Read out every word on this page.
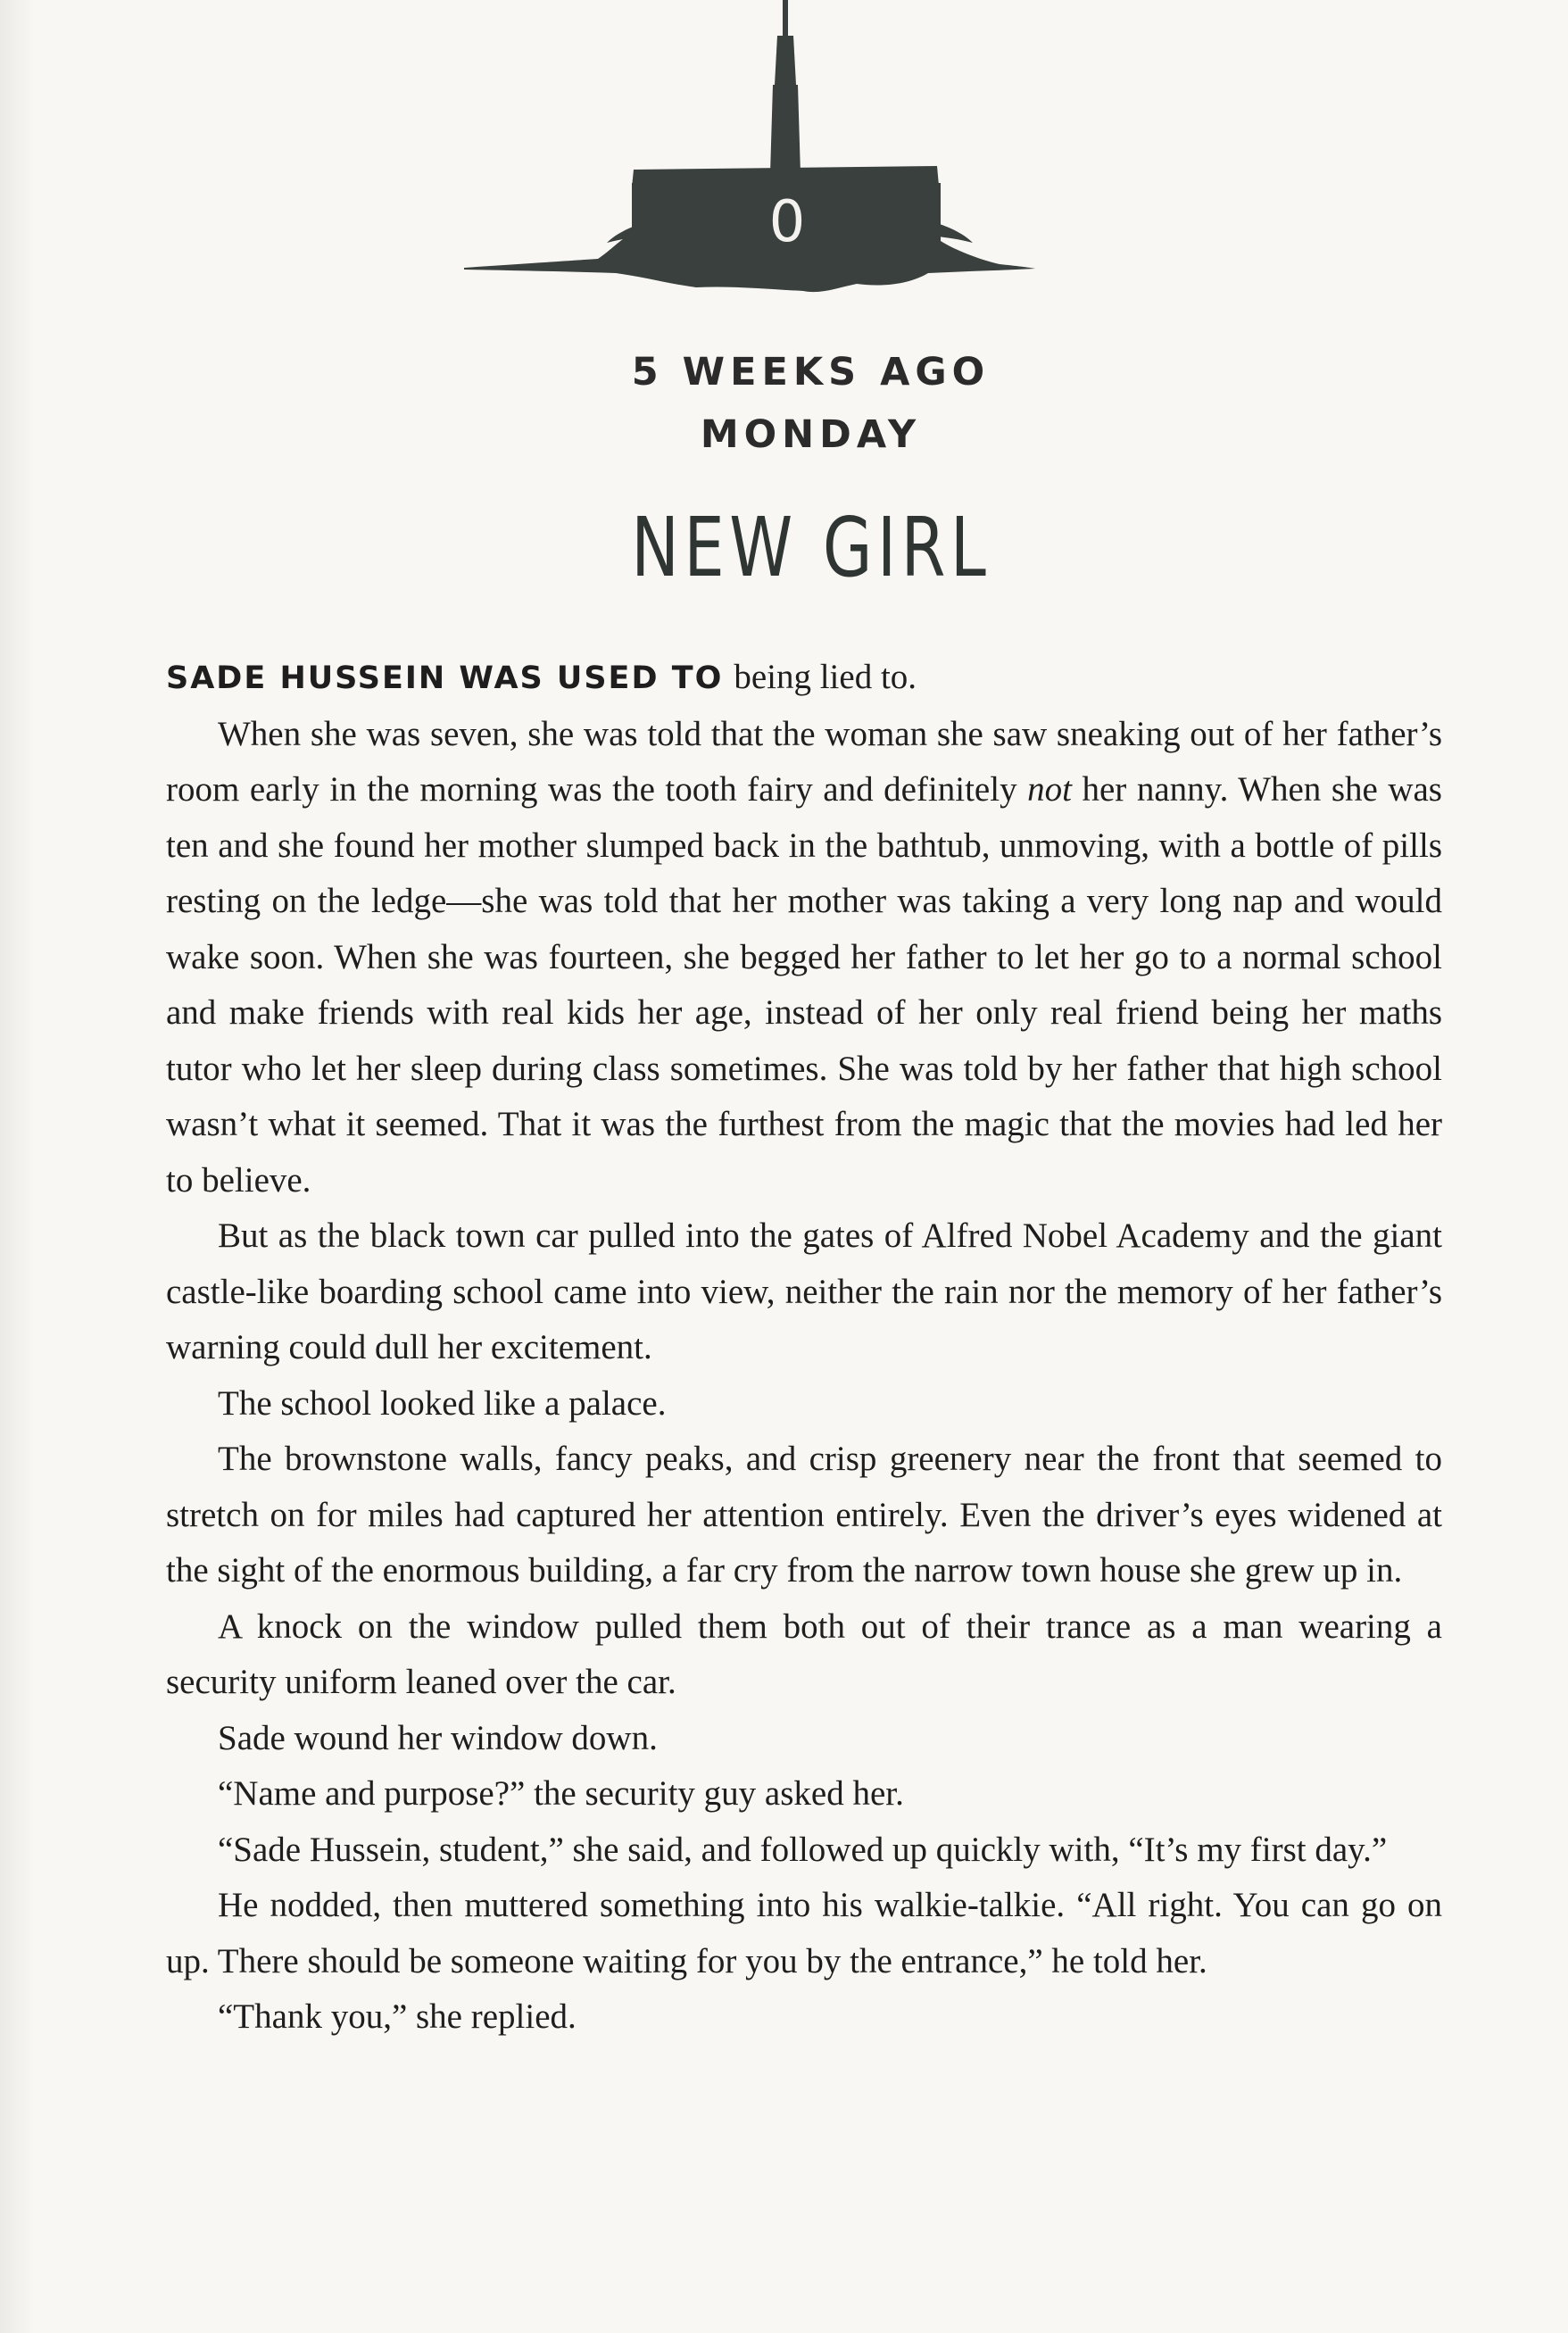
0
5 WEEKS AGO
MONDAY
NEW GIRL

SADE HUSSEIN WAS USED TO being lied to.

When she was seven, she was told that the woman she saw sneaking out of her father’s room early in the morning was the tooth fairy and definitely not her nanny. When she was ten and she found her mother slumped back in the bathtub, unmoving, with a bottle of pills resting on the ledge—she was told that her mother was taking a very long nap and would wake soon. When she was fourteen, she begged her father to let her go to a normal school and make friends with real kids her age, instead of her only real friend being her maths tutor who let her sleep during class sometimes. She was told by her father that high school wasn’t what it seemed. That it was the furthest from the magic that the movies had led her to believe.

But as the black town car pulled into the gates of Alfred Nobel Academy and the giant castle-like boarding school came into view, neither the rain nor the memory of her father’s warning could dull her excitement.

The school looked like a palace.

The brownstone walls, fancy peaks, and crisp greenery near the front that seemed to stretch on for miles had captured her attention entirely. Even the driver’s eyes widened at the sight of the enormous building, a far cry from the narrow town house she grew up in.

A knock on the window pulled them both out of their trance as a man wearing a security uniform leaned over the car.

Sade wound her window down.

“Name and purpose?” the security guy asked her.

“Sade Hussein, student,” she said, and followed up quickly with, “It’s my first day.”

He nodded, then muttered something into his walkie-talkie. “All right. You can go on up. There should be someone waiting for you by the entrance,” he told her.

“Thank you,” she replied.
